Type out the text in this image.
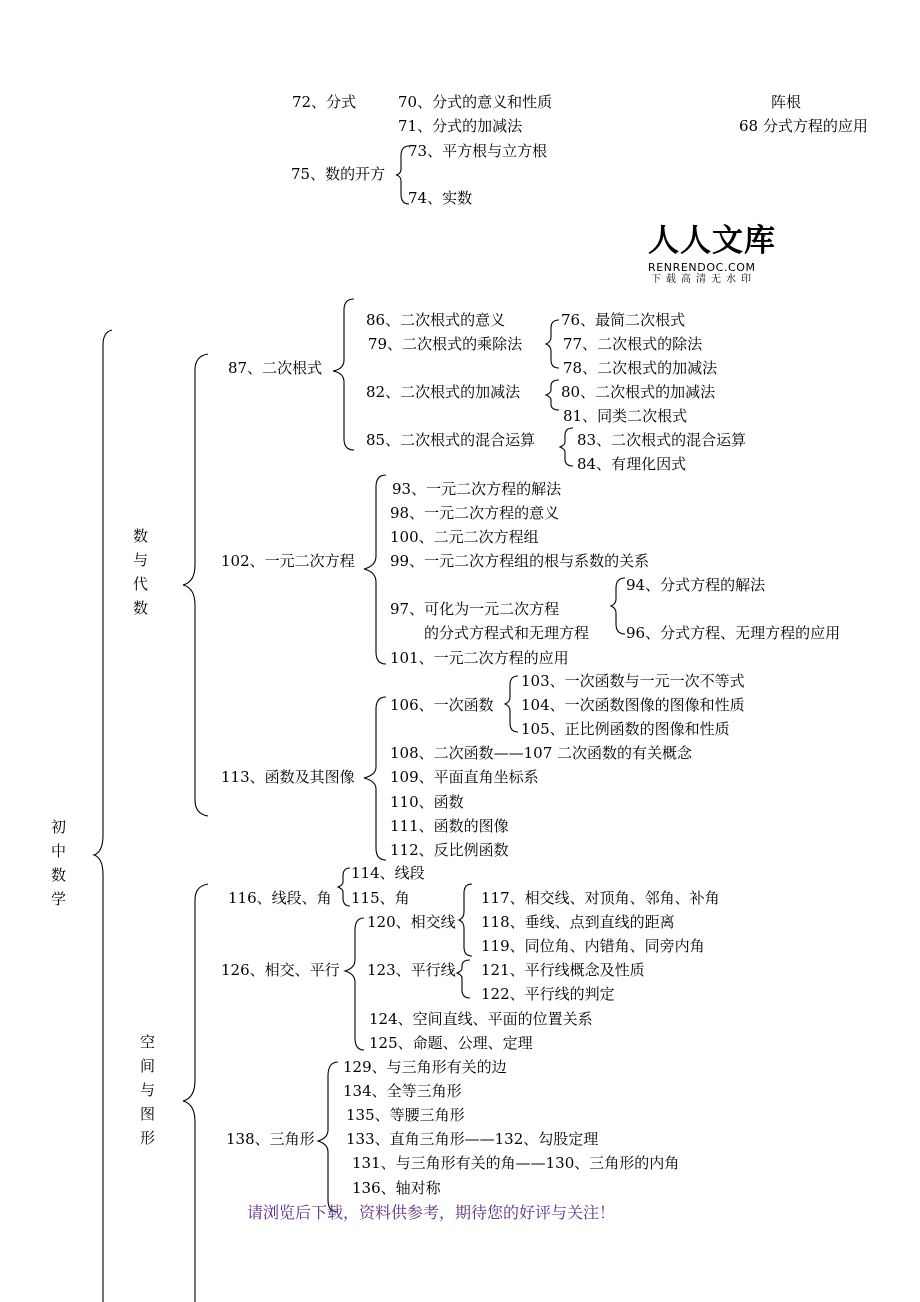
72、分式	70、分式的意义和性质
71、分式的加减法
阵根
68 分式方程的应用
75、数的开方
73、平方根与立方根
74、实数
人人文库
RENRENDOC.COM
下载高清无水印
初
中
数
学
数
与
代
数
87、二次根式
86、二次根式的意义
79、二次根式的乘除法
82、二次根式的加减法
85、二次根式的混合运算
76、最简二次根式
77、二次根式的除法
78、二次根式的加减法
80、二次根式的加减法
81、同类二次根式
83、二次根式的混合运算
84、有理化因式
102、一元二次方程
93、一元二次方程的解法
98、一元二次方程的意义
100、二元二次方程组
99、一元二次方程组的根与系数的关系
97、可化为一元二次方程
的分式方程式和无理方程
101、一元二次方程的应用
94、分式方程的解法
96、分式方程、无理方程的应用
113、函数及其图像
106、一次函数
108、二次函数——107 二次函数的有关概念
109、平面直角坐标系
110、函数
111、函数的图像
112、反比例函数
103、一次函数与一元一次不等式
104、一次函数图像的图像和性质
105、正比例函数的图像和性质
空
间
与
图
形
116、线段、角
114、线段
115、角	117、相交线、对顶角、邻角、补角
118、垂线、点到直线的距离
119、同位角、内错角、同旁内角
126、相交、平行
120、相交线
123、平行线
124、空间直线、平面的位置关系
125、命题、公理、定理
121、平行线概念及性质
122、平行线的判定
138、三角形
129、与三角形有关的边
134、全等三角形
135、等腰三角形
133、直角三角形——132、勾股定理
131、与三角形有关的角——130、三角形的内角
136、轴对称
请浏览后下载，资料供参考，期待您的好评与关注！
